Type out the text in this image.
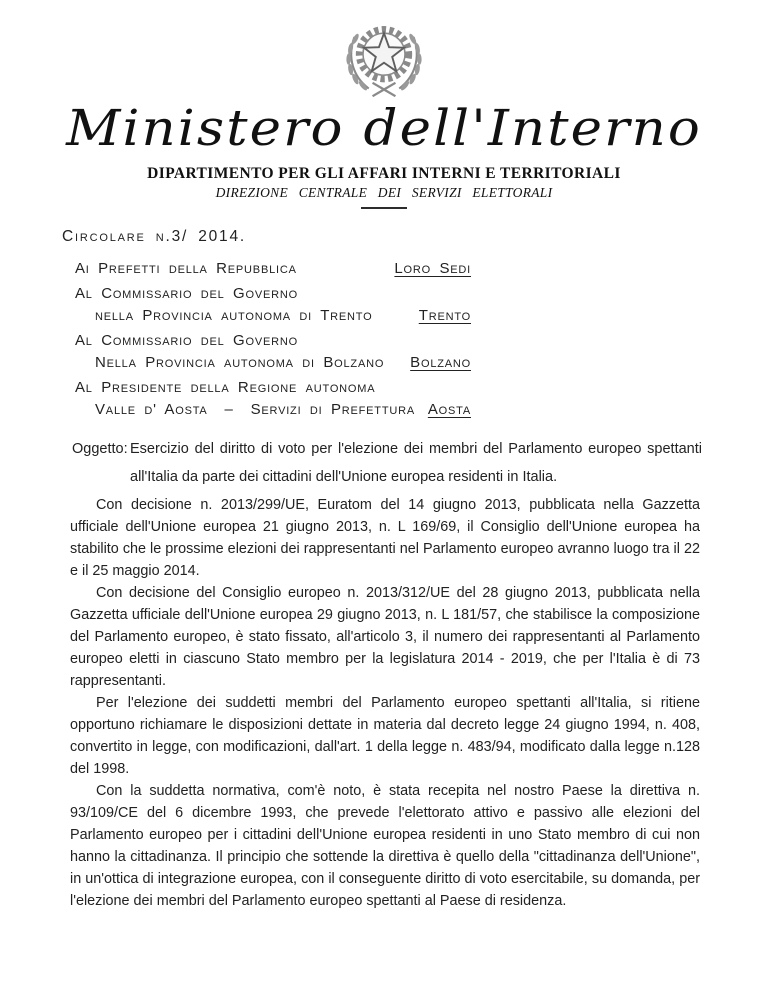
Ministero dell'Interno
DIPARTIMENTO PER GLI AFFARI INTERNI E TERRITORIALI
DIREZIONE CENTRALE DEI SERVIZI ELETTORALI
Circolare n.3/ 2014.
Ai Prefetti della Repubblica	Loro Sedi
Al Commissario del Governo
nella Provincia autonoma di Trento	Trento
Al Commissario del Governo
Nella Provincia autonoma di Bolzano Bolzano
Al Presidente della Regione autonoma
Valle d' Aosta  –  Servizi di Prefettura Aosta
Oggetto: Esercizio del diritto di voto per l'elezione dei membri del Parlamento europeo spettanti all'Italia da parte dei cittadini dell'Unione europea residenti in Italia.

Con decisione n. 2013/299/UE, Euratom del 14 giugno 2013, pubblicata nella Gazzetta ufficiale dell'Unione europea 21 giugno 2013, n. L 169/69, il Consiglio dell'Unione europea ha stabilito che le prossime elezioni dei rappresentanti nel Parlamento europeo avranno luogo tra il 22 e il 25 maggio 2014.

Con decisione del Consiglio europeo n. 2013/312/UE del 28 giugno 2013, pubblicata nella Gazzetta ufficiale dell'Unione europea 29 giugno 2013, n. L 181/57, che stabilisce la composizione del Parlamento europeo, è stato fissato, all'articolo 3, il numero dei rappresentanti al Parlamento europeo eletti in ciascuno Stato membro per la legislatura 2014 - 2019, che per l'Italia è di 73 rappresentanti.

Per l'elezione dei suddetti membri del Parlamento europeo spettanti all'Italia, si ritiene opportuno richiamare le disposizioni dettate in materia dal decreto legge 24 giugno 1994, n. 408, convertito in legge, con modificazioni, dall'art. 1 della legge n. 483/94, modificato dalla legge n.128 del 1998.

Con la suddetta normativa, com'è noto, è stata recepita nel nostro Paese la direttiva n. 93/109/CE del 6 dicembre 1993, che prevede l'elettorato attivo e passivo alle elezioni del Parlamento europeo per i cittadini dell'Unione europea residenti in uno Stato membro di cui non hanno la cittadinanza. Il principio che sottende la direttiva è quello della "cittadinanza dell'Unione", in un'ottica di integrazione europea, con il conseguente diritto di voto esercitabile, su domanda, per l'elezione dei membri del Parlamento europeo spettanti al Paese di residenza.
